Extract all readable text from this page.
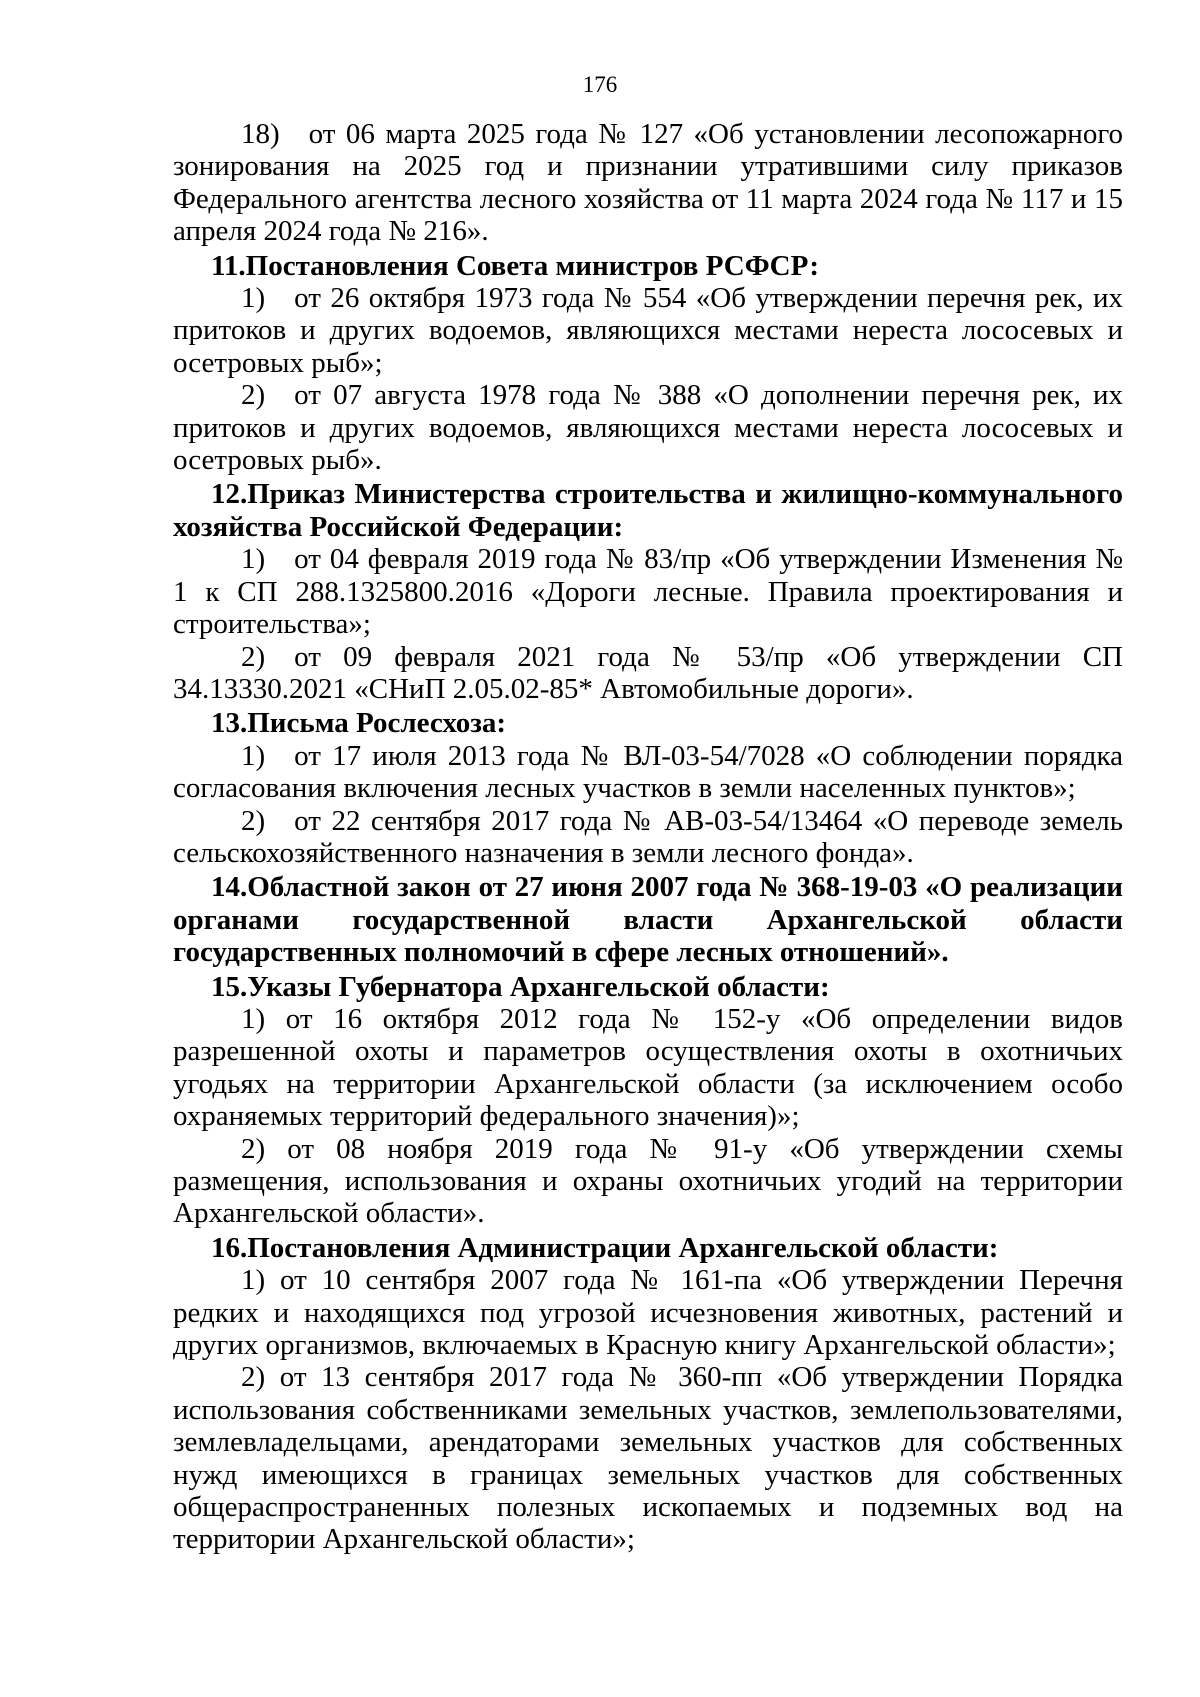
176

18) от 06 марта 2025 года № 127 «Об установлении лесопожарного зонирования на 2025 год и признании утратившими силу приказов Федерального агентства лесного хозяйства от 11 марта 2024 года № 117 и 15 апреля 2024 года № 216».

11.Постановления Совета министров РСФСР:

1) от 26 октября 1973 года № 554 «Об утверждении перечня рек, их притоков и других водоемов, являющихся местами нереста лососевых и осетровых рыб»;

2) от 07 августа 1978 года № 388 «О дополнении перечня рек, их притоков и других водоемов, являющихся местами нереста лососевых и осетровых рыб».

12.Приказ Министерства строительства и жилищно-коммунального хозяйства Российской Федерации:

1) от 04 февраля 2019 года № 83/пр «Об утверждении Изменения № 1 к СП 288.1325800.2016 «Дороги лесные. Правила проектирования и строительства»;

2) от 09 февраля 2021 года № 53/пр «Об утверждении СП 34.13330.2021 «СНиП 2.05.02-85* Автомобильные дороги».

13.Письма Рослесхоза:

1) от 17 июля 2013 года № ВЛ-03-54/7028 «О соблюдении порядка согласования включения лесных участков в земли населенных пунктов»;

2) от 22 сентября 2017 года № АВ-03-54/13464 «О переводе земель сельскохозяйственного назначения в земли лесного фонда».

14.Областной закон от 27 июня 2007 года № 368-19-03 «О реализации органами государственной власти Архангельской области государственных полномочий в сфере лесных отношений».

15.Указы Губернатора Архангельской области:

1) от 16 октября 2012 года № 152-у «Об определении видов разрешенной охоты и параметров осуществления охоты в охотничьих угодьях на территории Архангельской области (за исключением особо охраняемых территорий федерального значения)»;

2) от 08 ноября 2019 года № 91-у «Об утверждении схемы размещения, использования и охраны охотничьих угодий на территории Архангельской области».

16.Постановления Администрации Архангельской области:

1) от 10 сентября 2007 года № 161-па «Об утверждении Перечня редких и находящихся под угрозой исчезновения животных, растений и других организмов, включаемых в Красную книгу Архангельской области»;

2) от 13 сентября 2017 года № 360-пп «Об утверждении Порядка использования собственниками земельных участков, землепользователями, землевладельцами, арендаторами земельных участков для собственных нужд имеющихся в границах земельных участков для собственных общераспространенных полезных ископаемых и подземных вод на территории Архангельской области»;
